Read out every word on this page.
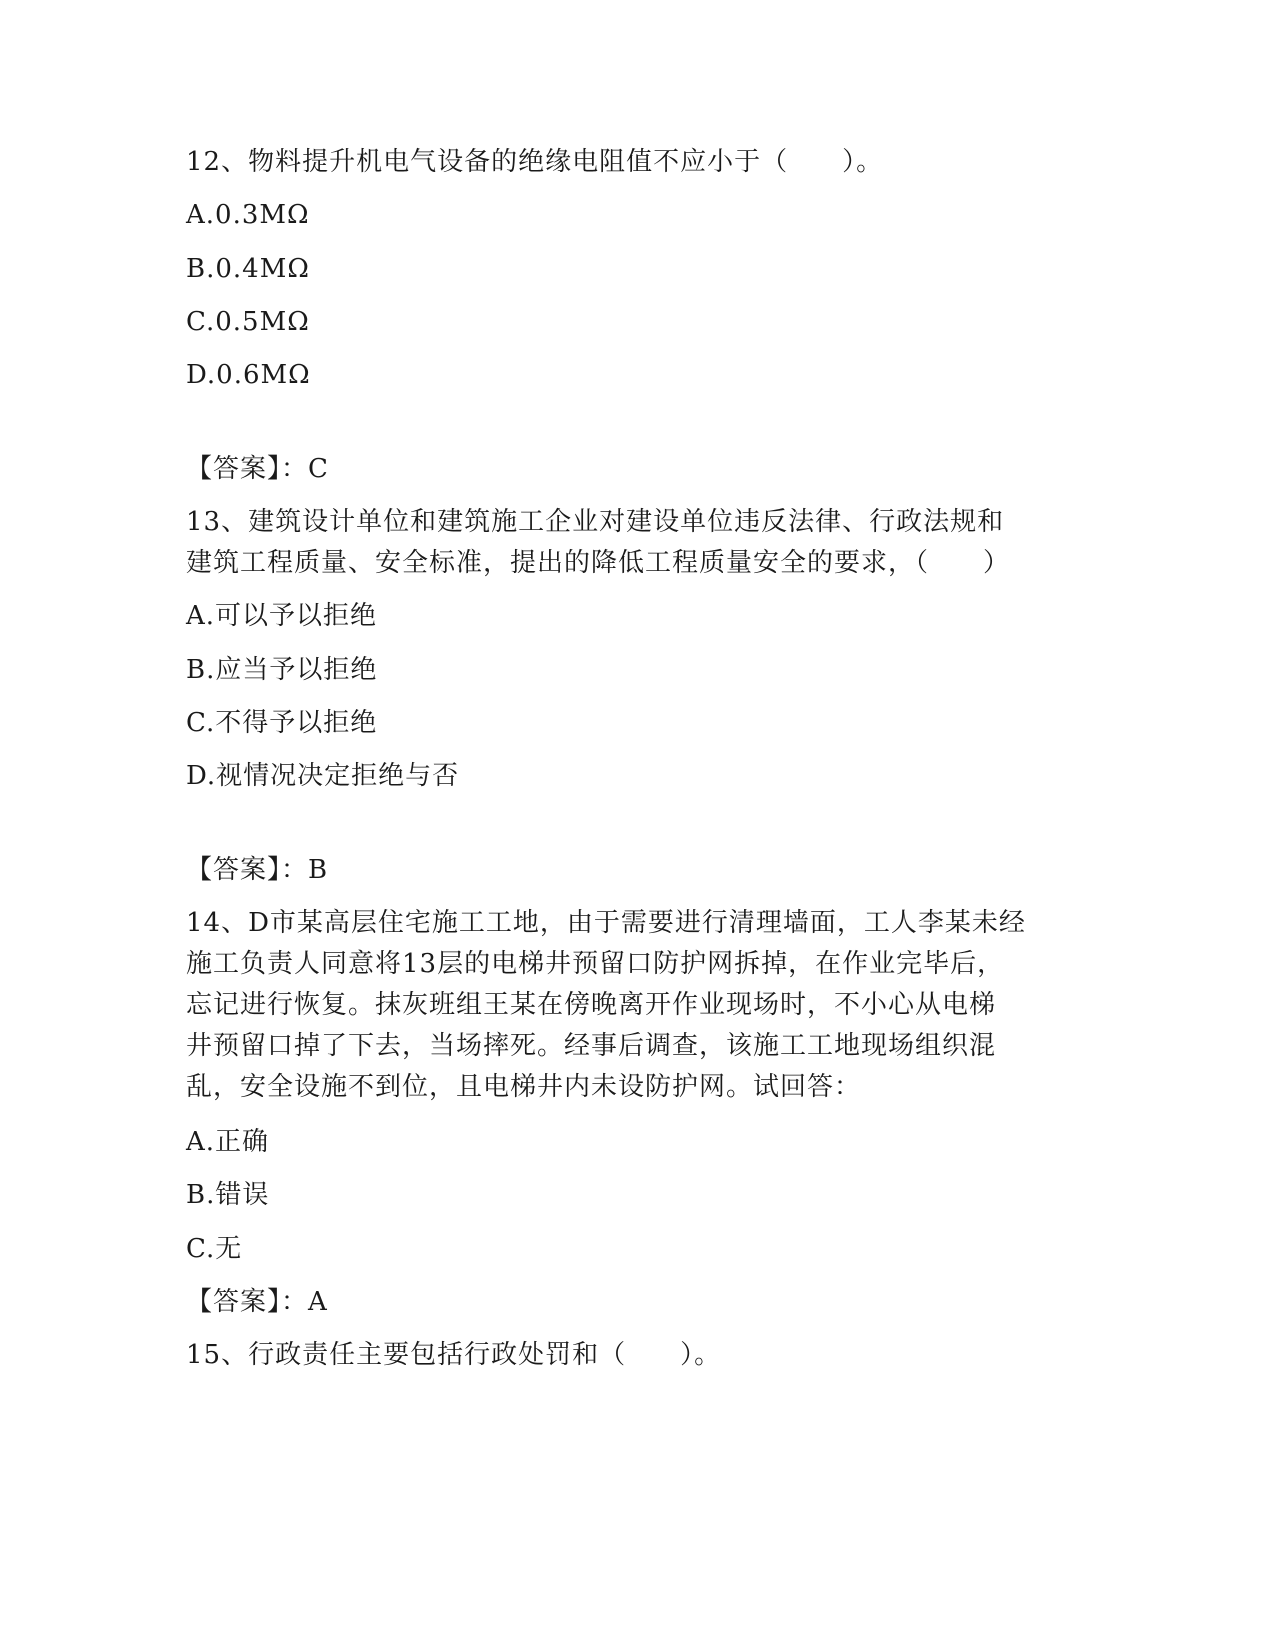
12、物料提升机电气设备的绝缘电阻值不应小于（　　）。
A.0.3MΩ
B.0.4MΩ
C.0.5MΩ
D.0.6MΩ
【答案】：C
13、建筑设计单位和建筑施工企业对建设单位违反法律、行政法规和
建筑工程质量、安全标准，提出的降低工程质量安全的要求，（　　）
A.可以予以拒绝
B.应当予以拒绝
C.不得予以拒绝
D.视情况决定拒绝与否
【答案】：B
14、D市某高层住宅施工工地，由于需要进行清理墙面，工人李某未经
施工负责人同意将13层的电梯井预留口防护网拆掉，在作业完毕后，
忘记进行恢复。抹灰班组王某在傍晚离开作业现场时，不小心从电梯
井预留口掉了下去，当场摔死。经事后调查，该施工工地现场组织混
乱，安全设施不到位，且电梯井内未设防护网。试回答：
A.正确
B.错误
C.无
【答案】：A
15、行政责任主要包括行政处罚和（　　）。
